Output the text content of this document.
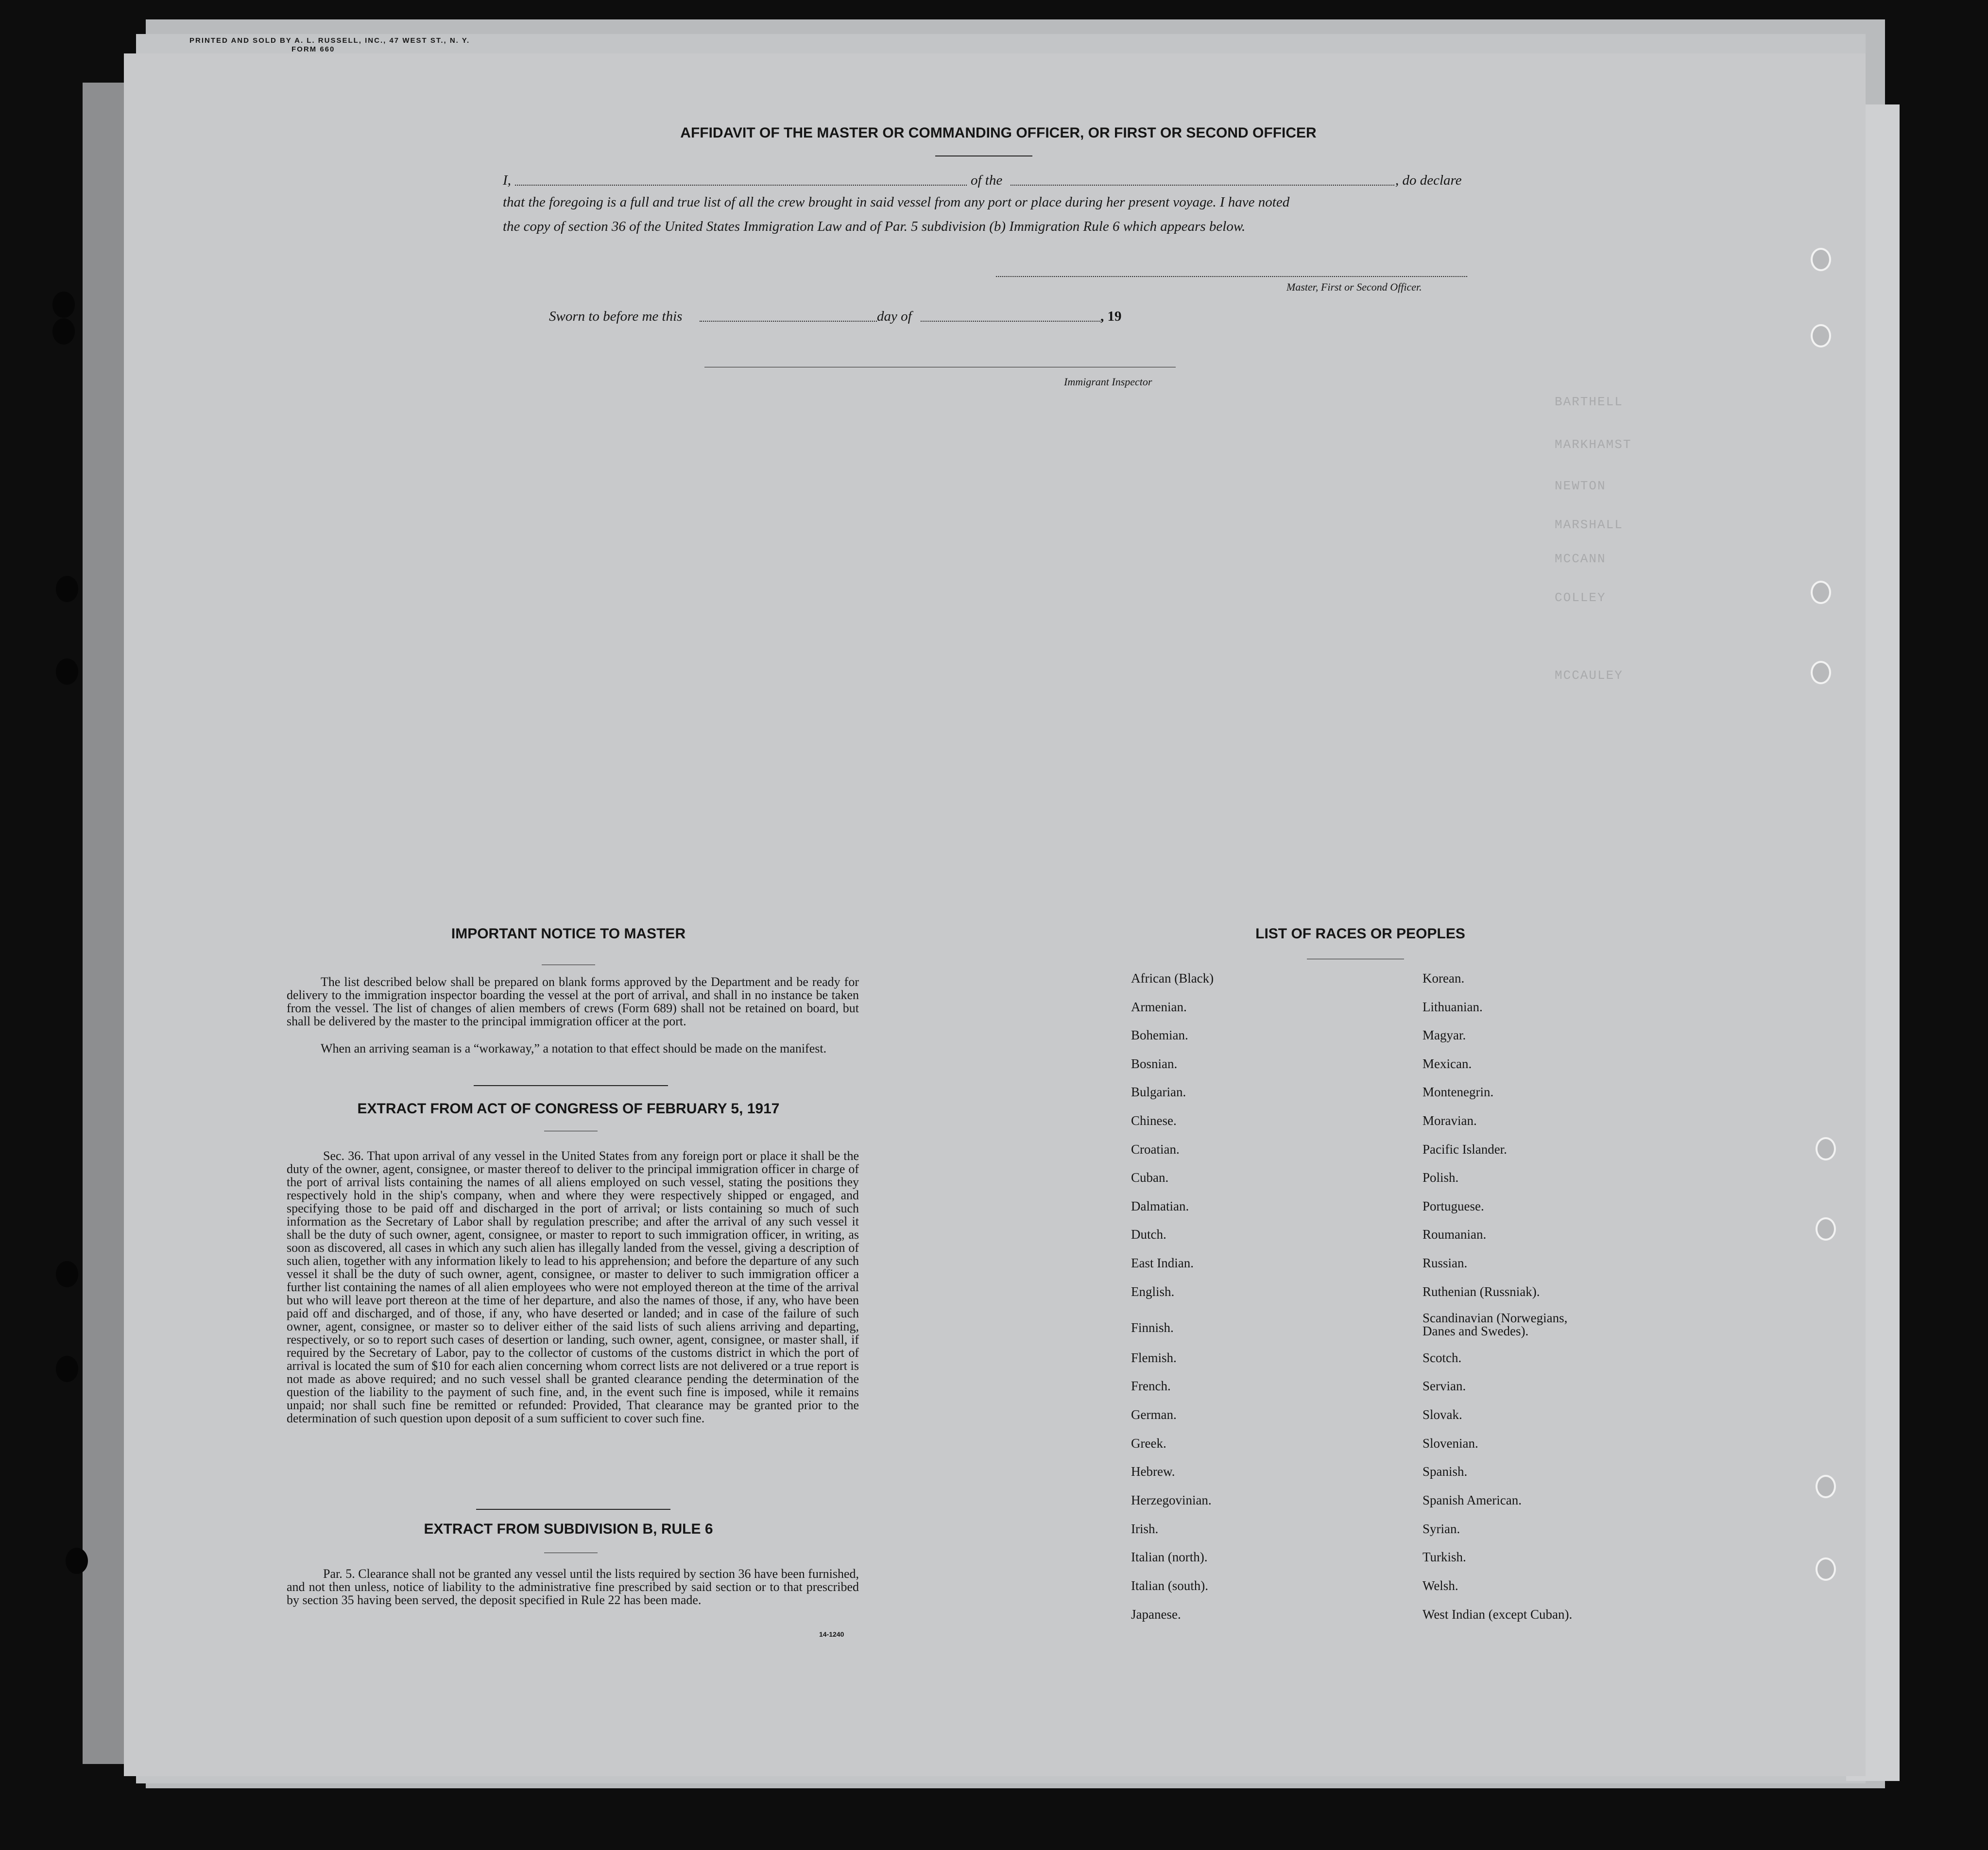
PRINTED AND SOLD BY A. L. RUSSELL, INC., 47 WEST ST., N. Y.
FORM 660
BARTHELL
MARKHAMST
NEWTON
MARSHALL
MCCANN
COLLEY
MCCAULEY
AFFIDAVIT OF THE MASTER OR COMMANDING OFFICER, OR FIRST OR SECOND OFFICER
I,	of the	, do declare
that the foregoing is a full and true list of all the crew brought in said vessel from any port or place during her present voyage. I have noted
the copy of section 36 of the United States Immigration Law and of Par. 5 subdivision (b) Immigration Rule 6 which appears below.
Master, First or Second Officer.
Sworn to before me this	day of	, 19
Immigrant Inspector
IMPORTANT NOTICE TO MASTER
The list described below shall be prepared on blank forms approved by the Department and be ready for delivery to the immigration inspector boarding the vessel at the port of arrival, and shall in no instance be taken from the vessel. The list of changes of alien members of crews (Form 689) shall not be retained on board, but shall be delivered by the master to the principal immigration officer at the port.
When an arriving seaman is a “workaway,” a notation to that effect should be made on the manifest.
EXTRACT FROM ACT OF CONGRESS OF FEBRUARY 5, 1917
Sec. 36. That upon arrival of any vessel in the United States from any foreign port or place it shall be the duty of the owner, agent, consignee, or master thereof to deliver to the principal immigration officer in charge of the port of arrival lists containing the names of all aliens employed on such vessel, stating the positions they respectively hold in the ship's company, when and where they were respectively shipped or engaged, and specifying those to be paid off and discharged in the port of arrival; or lists containing so much of such information as the Secretary of Labor shall by regulation prescribe; and after the arrival of any such vessel it shall be the duty of such owner, agent, consignee, or master to report to such immigration officer, in writing, as soon as discovered, all cases in which any such alien has illegally landed from the vessel, giving a description of such alien, together with any information likely to lead to his apprehension; and before the departure of any such vessel it shall be the duty of such owner, agent, consignee, or master to deliver to such immigration officer a further list containing the names of all alien employees who were not employed thereon at the time of the arrival but who will leave port thereon at the time of her departure, and also the names of those, if any, who have been paid off and discharged, and of those, if any, who have deserted or landed; and in case of the failure of such owner, agent, consignee, or master so to deliver either of the said lists of such aliens arriving and departing, respectively, or so to report such cases of desertion or landing, such owner, agent, consignee, or master shall, if required by the Secretary of Labor, pay to the collector of customs of the customs district in which the port of arrival is located the sum of $10 for each alien concerning whom correct lists are not delivered or a true report is not made as above required; and no such vessel shall be granted clearance pending the determination of the question of the liability to the payment of such fine, and, in the event such fine is imposed, while it remains unpaid; nor shall such fine be remitted or refunded: Provided, That clearance may be granted prior to the determination of such question upon deposit of a sum sufficient to cover such fine.
EXTRACT FROM SUBDIVISION B, RULE 6
Par. 5. Clearance shall not be granted any vessel until the lists required by section 36 have been furnished, and not then unless, notice of liability to the administrative fine prescribed by said section or to that prescribed by section 35 having been served, the deposit specified in Rule 22 has been made.
14-1240
LIST OF RACES OR PEOPLES
African (Black)
Armenian.
Bohemian.
Bosnian.
Bulgarian.
Chinese.
Croatian.
Cuban.
Dalmatian.
Dutch.
East Indian.
English.
Finnish.
Flemish.
French.
German.
Greek.
Hebrew.
Herzegovinian.
Irish.
Italian (north).
Italian (south).
Japanese.
Korean.
Lithuanian.
Magyar.
Mexican.
Montenegrin.
Moravian.
Pacific Islander.
Polish.
Portuguese.
Roumanian.
Russian.
Ruthenian (Russniak).
Scandinavian (Norwegians, Danes and Swedes).
Scotch.
Servian.
Slovak.
Slovenian.
Spanish.
Spanish American.
Syrian.
Turkish.
Welsh.
West Indian (except Cuban).
